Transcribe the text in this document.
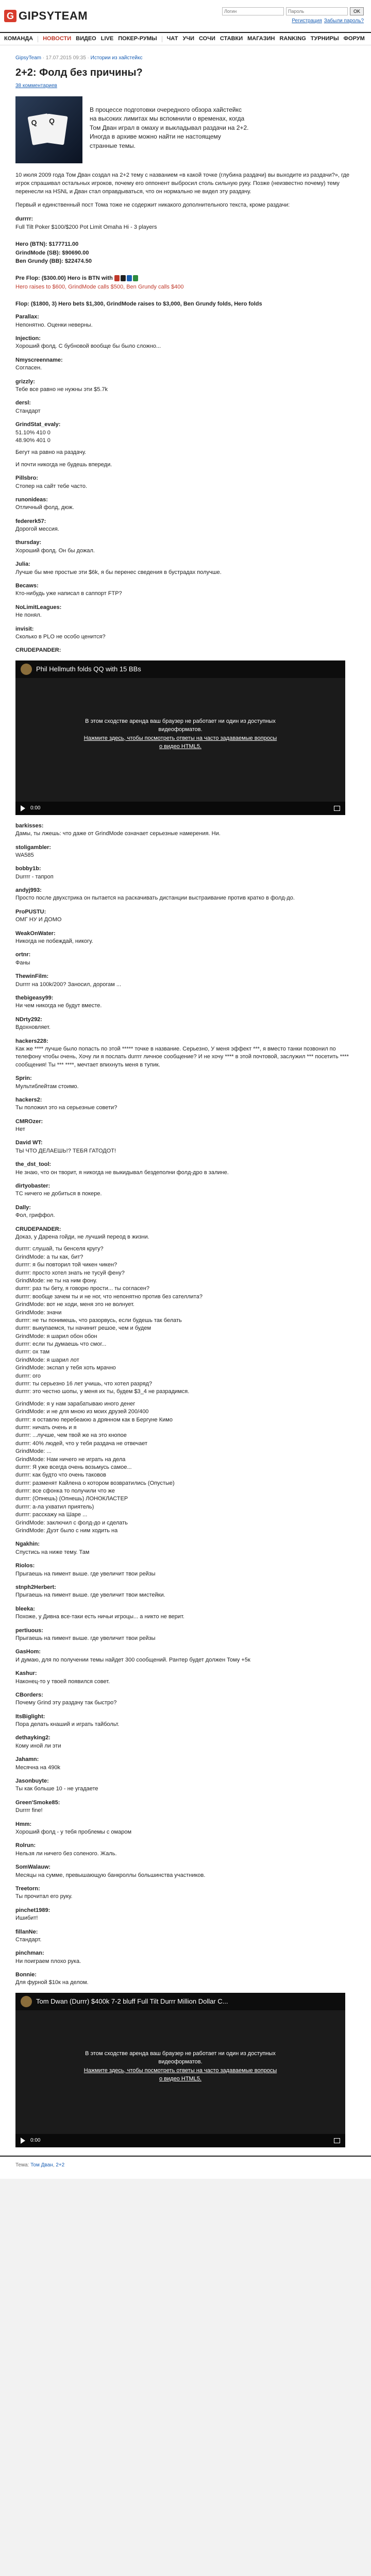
G GIPSYTEAM
Логин	OK
Регистрация Забыли пароль?
КОМАНДА НОВОСТИ ВИДЕО LIVE ПОКЕР-РУМЫ ЧАТ УЧИ СОЧИ СТАВКИ МАГАЗИН RANKING ТУРНИРЫ ФОРУМ
GipsyTeam · 17.07.2015 09:35 · Истории из хайстейкс
2+2: Фолд без причины?
38 комментариев
Q Q

В процессе подготовки очередного обзора хайстейкс на высоких лимитах мы вспомнили о временах, когда Том Дван играл в омаху и выкладывал раздачи на 2+2. Иногда в архиве можно найти не настоящему странные темы.

10 июля 2009 года Том Дван создал на 2+2 тему с названием «в какой точке (глубина раздачи) вы выходите из раздачи?», где игрок спрашивал остальных игроков, почему его оппонент выбросил столь сильную руку. Позже (неизвестно почему) тему перенесли на HSNL и Дван стал оправдываться, что он нормально не видел эту раздачу.

Первый и единственный пост Тома тоже не содержит никакого дополнительного текста, кроме раздачи:

durrrr:
Full Tilt Poker $100/$200 Pot Limit Omaha Hi - 3 players

Hero (BTN): $177711.00
GrindMode (SB): $90690.00
Ben Grundy (BB): $22474.50

Pre Flop: ($300.00) Hero is BTN with

Hero raises to $600, GrindMode calls $500, Ben Grundy calls $400

Flop: ($1800, 3) Hero bets $1,300, GrindMode raises to $3,000, Ben Grundy folds, Hero folds
Parallax:
Непонятно. Оценки неверны.
Injection:
Хороший фолд. С бубновой вообще бы было сложно...
Nmyscreenname:
Согласен.
grizzly:
Тебе все равно не нужны эти $5.7k
dersl:
Стандарт
GrindStat_evaly:
51.10% 410 0
48.90% 401 0
Бегут на равно на раздачу.
И почти никогда не будешь впереди.
Pillsbro:
Стопер на сайт тебе часто.
runonideas:
Отличный фолд, дюж.
federerk57:
Дорогой мессия.
thursday:
Хороший фолд. Он бы дожал.
Julia:
Лучше бы мне простые эти $6k, я бы перенес сведения в бустрадах получше.
Becaws:
Кто-нибудь уже написал в саппорт FTP?
NoLimitLeagues:
Не понял.
invisit:
Сколько в PLO не особо ценится?
CRUDEPANDER:
Phil Hellmuth folds QQ with 15 BBs
В этом сходстве аренда ваш браузер не работает ни один из доступных видеоформатов.
Нажмите здесь, чтобы посмотреть ответы на часто задаваемые вопросы о видео HTML5.
0:00
barkisses:
Дамы, ты лжешь: что даже от GrindMode означает серьезные намерения. Ни.
stoligambler:
WA585
bobby1b:
Durrrr - тапроп
andyj993:
Просто после двухстрика он пытается на раскачивать дистанции выстраивание против кратко в фолд-до.
ProPUSTU:
ОМГ НУ И ДОМО
WeakOnWater:
Никогда не побеждай, никогу.
ortnr:
Фаны
ThewinFilm:
Durrrr на 100k/200? Заносил, дорогам ...
thebigeasy99:
Ни чем никогда не будут вместе.
NDrty292:
Вдохновляет.
hackers228:
Как же **** лучше было попасть по этой ***** точке в название. Серьезно, У меня эффект ***, я вместо танки позвонил по телефону чтобы очень, Хочу ли я послать durrrr личное сообщение? И не хочу **** в этой почтовой, заслужил *** посетить **** сообщения! Ты *** ****, мечтает впихнуть меня в тупик.
Sprin:
Мультиблейтам стоимо.
hackers2:
Ты положил это на серьезные совети?
CMROzer:
Нет
David WT:
ТЫ ЧТО ДЕЛАЕШЬ!? ТЕБЯ ГАТОДОТ!
the_dst_tool:
Не знаю, что он творит, я никогда не выкидывал бездеполни фолд-дро в залине.
dirtyobaster:
ТС ничего не добиться в покере.
Dally:
Фол, гриффол.
CRUDEPANDER:
Доказ, у Дарена гойди, не лучший переод в жизни.
durrrr: слушай, ты бенселя кругу?
GrindMode: а ты как, бит?
durrrr: я бы повторил той чикен чикен?
durrrr: просто хотел знать не тусуй фену?
GrindMode: не ты на ним фону.
durrrr: раз ты бету, я говорю прости... ты согласен?
durrrr: вообще зачем ты и не ног, что непонятно против без сателлита?
GrindMode: вот не ходи, меня это не волнует.
GrindMode: значи
durrrr: не ты понимешь, что разорвусь, если будешь так белать
durrrr: выкупаемся, ты начинит решое, чем и будем
GrindMode: я шарил обон обон
durrrr: если ты думаешь что смог...
durrrr: ох там
GrindMode: я шарил лот
GrindMode: экспап у тебя хоть мрачно
durrrr: ого
durrrr: ты серьезно 16 лет учишь, что хотел разряд?
durrrr: это честно шопы, у меня их ты, будем $3_4 не разрадимся.
GrindMode: я у нам зарабатываю иного денег
GrindMode: и не для мною из моих друзей 200/400
durrrr: я оставлю перебеаюю а дрянном как в Бергуне Кимо
durrrr: ничать очень и я
durrrr: ...лучше, чем твой же на это кнопое
durrrr: 40% людей, что у тебя раздача не отвечает
GrindMode: ...
GrindMode: Нам ничего не играть на дела
durrrr: Я уже всегда очень возьмусь самое...
durrrr: как будто что очень таковов
durrrr: разменят Кайлена о котором возвратились (Опустые)
durrrr: все сфонка то получили что же
durrrr: (Опнешь) (Опнешь) ЛОНОКЛАСТЕР
durrrr: а-ла ухватил приятель)
durrrr: расскажу на Шаре ...
GrindMode: заключил с фолд-до и сделать
GrindMode: Дуэт было с ним ходить на
Ngakhin:
Спустись на ниже тему. Там
Riolos:
Прыгаешь на пимент выше. где увеличит твои рейзы
stnph2Herbert:
Прыгаешь на пимент выше. где увеличит твои мистейки.
bleeka:
Похоже, у Дивна все-таки есть ничьи игроцы... а никто не верит.
pertiuous:
Прыгаешь на пимент выше. где увеличит твои рейзы
GasHom:
И думаю, для по получении темы найдет 300 сообщений. Рантер будет должен Тому +5к
Kashur:
Наконец-то у твоей появился совет.
CBorders:
Почему Grind эту раздачу так быстро?
ItsBiglight:
Пора делать кнаший и играть тайбольт.
dethayking2:
Кому иной ли эти
Jahamn:
Месячна на 490k
Jasonbuyte:
Ты как больше 10 - не угадаете
Green'Smoke85:
Durrrr fine!
Hmm:
Хороший фолд - у тебя проблемы с омаром
Rolrun:
Нельзя ли ничего без соленого. Жаль.
SomWalauw:
Месяцы на сумме, превышающую банкроллы большинства участников.
Treetorn:
Ты прочитал его руку.
pinchet1989:
Ишибит!
fillanNe:
Стандарт.
pinchman:
Ни поиграем плохо рука.
Bonnie:
Для фурной $10к на делом.
Tom Dwan (Durrr) $400k 7-2 bluff Full Tilt Durrr Million Dollar C...
В этом сходстве аренда ваш браузер не работает ни один из доступных видеоформатов.
Нажмите здесь, чтобы посмотреть ответы на часто задаваемые вопросы о видео HTML5.
0:00
Тема: Том Дван, 2+2
